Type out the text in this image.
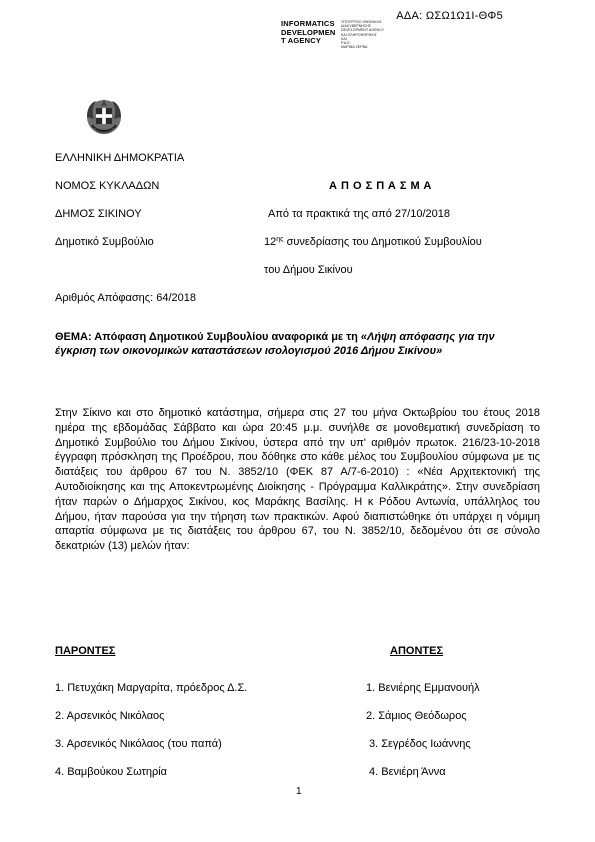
ΑΔΑ: ΩΣΩ1Ω1Ι-ΘΦ5
INFORMATICS
DEVELOPMEN
T AGENCY
ΥΠΟΥΡΓΕΙΟ ΨΗΦΙΑΚΗΣ
ΔΙΑΚΥΒΕΡΝΗΣΗΣ
DEVELOPMENT AGENCY
ΚΑΙ ΠΛΗΡΟΦΟΡΙΚΗΣ
ΚΑΙ
Ρ.Α.Ε.
ΜΑΡΙΝΑ ΖΕΡΒΑ
ΕΛΛΗΝΙΚΗ ΔΗΜΟΚΡΑΤΙΑ
ΝΟΜΟΣ ΚΥΚΛΑΔΩΝ
ΔΗΜΟΣ ΣΙΚΙΝΟΥ
Δημοτικό Συμβούλιο
Αριθμός Απόφασης: 64/2018
Α Π Ο Σ Π Α Σ Μ Α
Από τα πρακτικά της από 27/10/2018
$12^{\eta\varsigma}$ συνεδρίασης του Δημοτικού Συμβουλίου
του Δήμου Σικίνου
ΘΕΜΑ: Απόφαση Δημοτικού Συμβουλίου αναφορικά με τη «Λήψη απόφασης για την έγκριση των οικονομικών καταστάσεων ισολογισμού 2016 Δήμου Σικίνου»
Στην Σίκινο και στο δημοτικό κατάστημα, σήμερα στις 27 του μήνα Οκτωβρίου του έτους 2018 ημέρα της εβδομάδας Σάββατο και ώρα 20:45 μ.μ. συνήλθε σε μονοθεματική συνεδρίαση το Δημοτικό Συμβούλιο του Δήμου Σικίνου, ύστερα από την υπ' αριθμόν πρωτοκ. 216/23-10-2018 έγγραφη πρόσκληση της Προέδρου, που δόθηκε στο κάθε μέλος του Συμβουλίου σύμφωνα με τις διατάξεις του άρθρου 67 του Ν. 3852/10 (ΦΕΚ 87 Α/7-6-2010) : «Νέα Αρχιτεκτονική της Αυτοδιοίκησης και της Αποκεντρωμένης Διοίκησης - Πρόγραμμα Καλλικράτης». Στην συνεδρίαση ήταν παρών ο Δήμαρχος Σικίνου, κος Μαράκης Βασίλης. Η κ Ρόδου Αντωνία, υπάλληλος του Δήμου, ήταν παρούσα για την τήρηση των πρακτικών. Αφού διαπιστώθηκε ότι υπάρχει η νόμιμη απαρτία σύμφωνα με τις διατάξεις του άρθρου 67, του Ν. 3852/10, δεδομένου ότι σε σύνολο δεκατριών (13) μελών ήταν:
ΠΑΡΟΝΤΕΣ	ΑΠΟΝΤΕΣ
1. Πετυχάκη Μαργαρίτα, πρόεδρος Δ.Σ.
2. Αρσενικός Νικόλαος
3. Αρσενικός Νικόλαος (του παπά)
4. Βαμβούκου Σωτηρία
1. Βενιέρης Εμμανουήλ
2. Σάμιος Θεόδωρος
3. Σεγρέδος Ιωάννης
4. Βενιέρη Άννα
1
